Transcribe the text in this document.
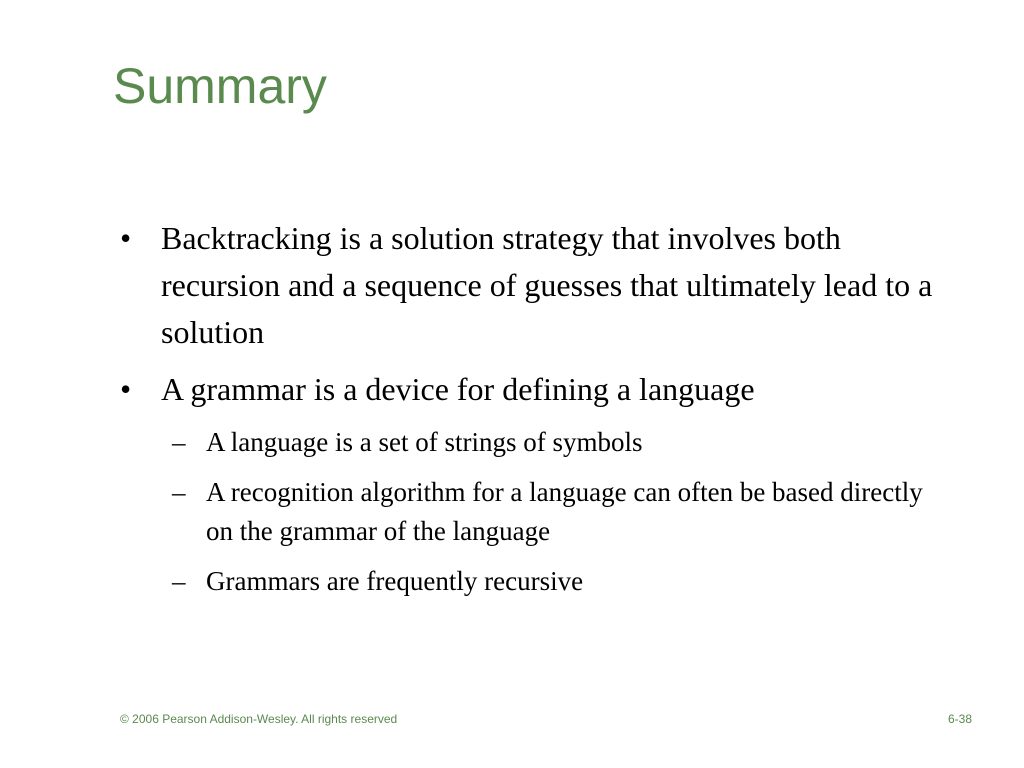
Summary
• Backtracking is a solution strategy that involves both recursion and a sequence of guesses that ultimately lead to a solution
• A grammar is a device for defining a language
– A language is a set of strings of symbols
– A recognition algorithm for a language can often be based directly on the grammar of the language
– Grammars are frequently recursive
© 2006 Pearson Addison-Wesley. All rights reserved	6-38
